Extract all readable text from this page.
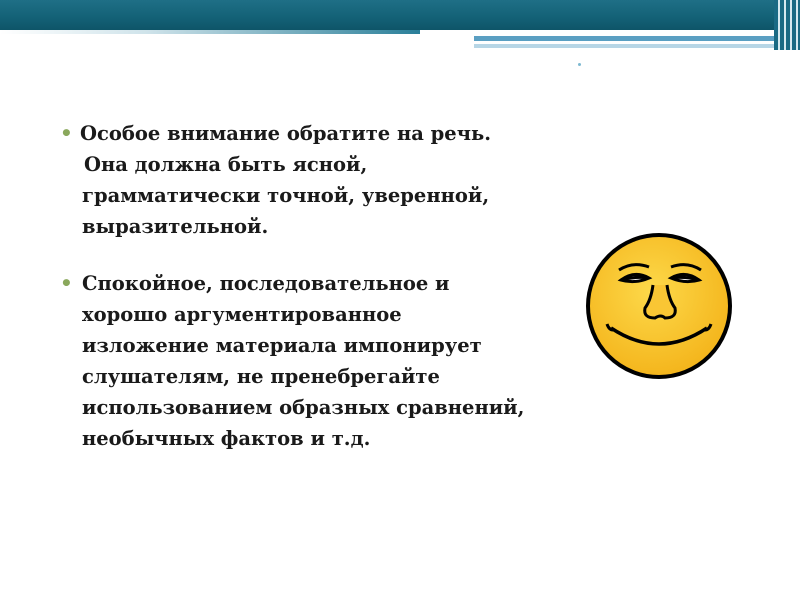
• Особое внимание обратите на речь.

Она должна быть ясной,
грамматически точной, уверенной,
выразительной.
• Спокойное, последовательное и
хорошо аргументированное
изложение материала импонирует
слушателям, не пренебрегайте
использованием образных сравнений,
необычных фактов и т.д.
